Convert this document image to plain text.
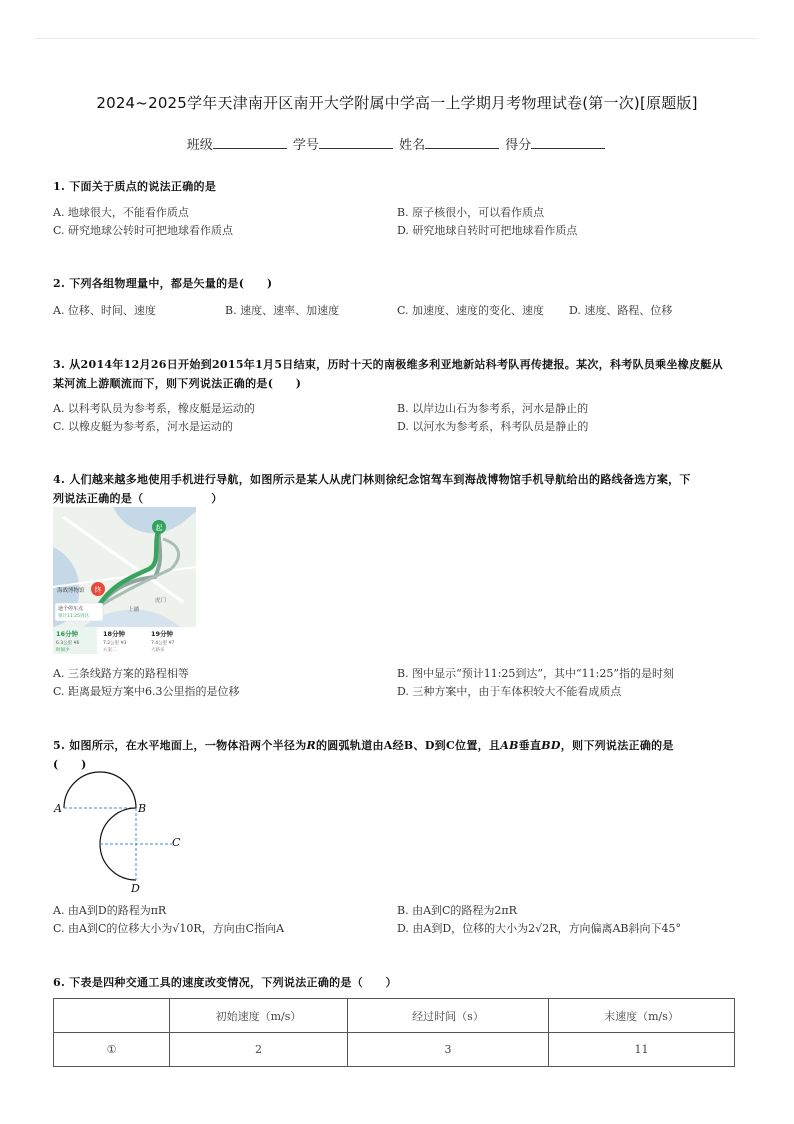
2024~2025学年天津南开区南开大学附属中学高一上学期月考物理试卷(第一次)[原题版]
班级	学号	姓名	得分
1. 下面关于质点的说法正确的是
A. 地球很大，不能看作质点	B. 原子核很小，可以看作质点
C. 研究地球公转时可把地球看作质点	D. 研究地球自转时可把地球看作质点
2. 下列各组物理量中，都是矢量的是(　　)
A. 位移、时间、速度	B. 速度、速率、加速度	C. 加速度、速度的变化、速度 D. 速度、路程、位移
3. 从2014年12月26日开始到2015年1月5日结束，历时十天的南极维多利亚地新站科考队再传捷报。某次，科考队员乘坐橡皮艇从
某河流上游顺流而下，则下列说法正确的是(　　)
A. 以科考队员为参考系，橡皮艇是运动的	B. 以岸边山石为参考系，河水是静止的
C. 以橡皮艇为参考系，河水是运动的	D. 以河水为参考系，科考队员是静止的
4. 人们越来越多地使用手机进行导航，如图所示是某人从虎门林则徐纪念馆驾车到海战博物馆手机导航给出的路线备选方案，下
列说法正确的是（　　　　　　）
起
终
海战博物馆
虎门
上涵
途个停车点
预计11:25到达
16分钟	18分钟	19分钟
6.3公里 ¥6	7.2公里 ¥3	7.4公里 ¥7
时间少	方案二	大路多
A. 三条线路方案的路程相等	B. 图中显示“预计11:25到达”，其中“11:25”指的是时刻
C. 距离最短方案中6.3公里指的是位移	D. 三种方案中，由于车体积较大不能看成质点
5. 如图所示，在水平地面上，一物体沿两个半径为R的圆弧轨道由A经B、D到C位置，且AB垂直BD，则下列说法正确的是
(　　)
A	B
C
D
A. 由A到D的路程为πR	B. 由A到C的路程为2πR
C. 由A到C的位移大小为√10R，方向由C指向A	D. 由A到D，位移的大小为2√2R，方向偏离AB斜向下45°
6. 下表是四种交通工具的速度改变情况，下列说法正确的是（　　）
	初始速度（m/s）	经过时间（s）	末速度（m/s）
①	2	3	11
